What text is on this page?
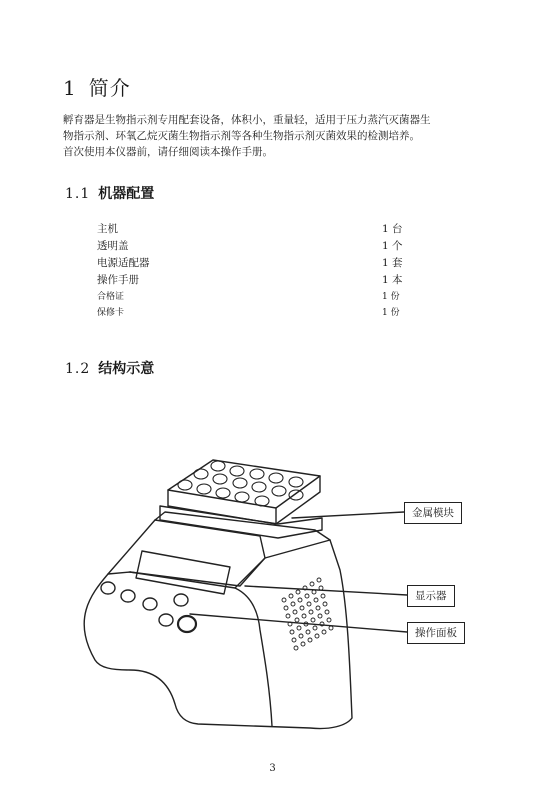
1 简介

孵育器是生物指示剂专用配套设备，体积小，重量轻，适用于压力蒸汽灭菌器生

物指示剂、环氧乙烷灭菌生物指示剂等各种生物指示剂灭菌效果的检测培养。

首次使用本仪器前，请仔细阅读本操作手册。

1.1 机器配置
主机	1 台
透明盖	1 个
电源适配器	1 套
操作手册	1 本
合格证	1 份
保修卡	1 份
1.2 结构示意
金属模块
显示器
操作面板
3
